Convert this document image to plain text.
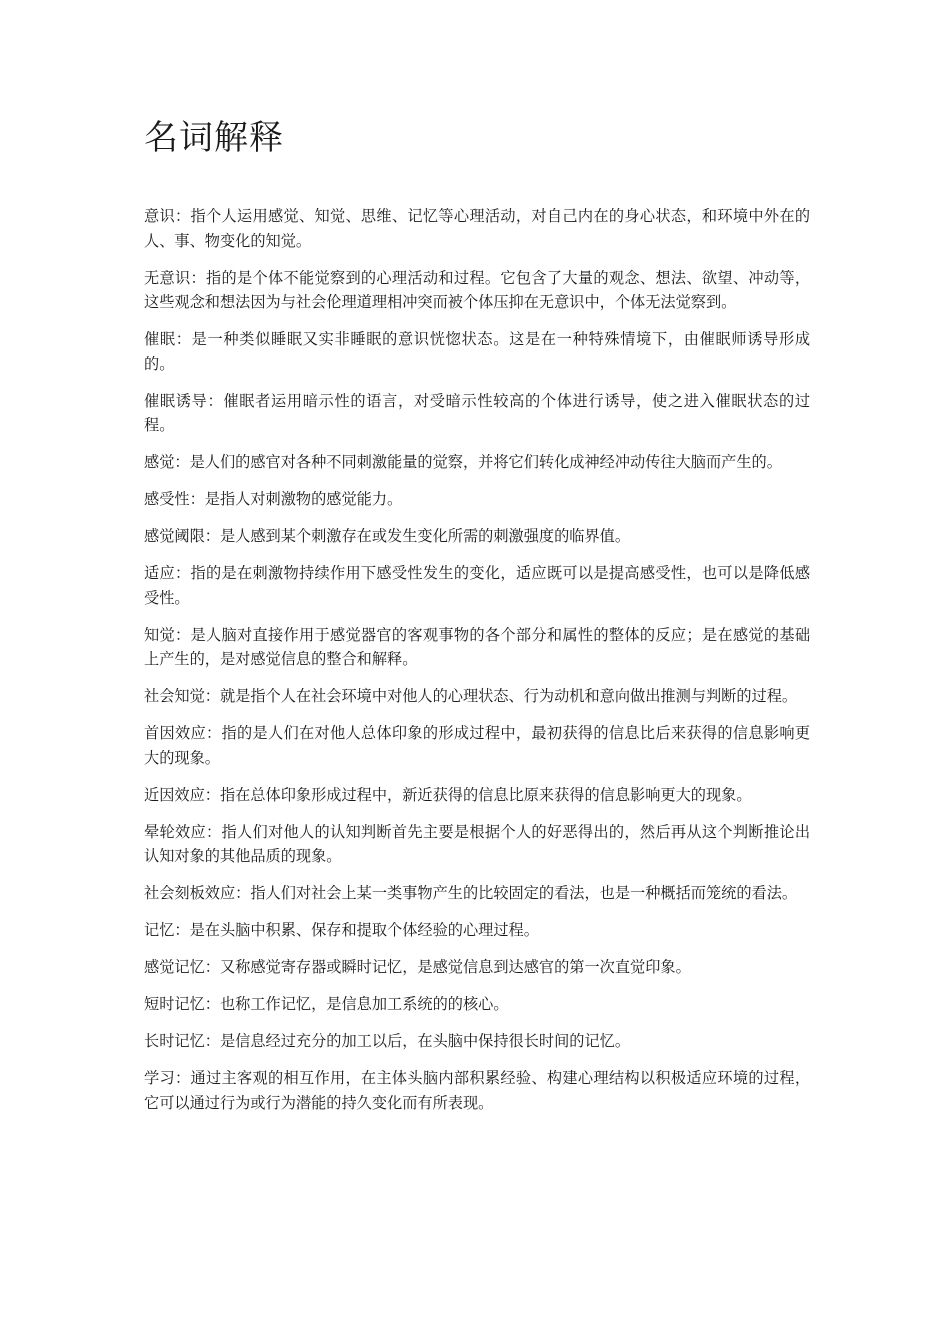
名词解释

意识：指个人运用感觉、知觉、思维、记忆等心理活动，对自己内在的身心状态，和环境中外在的人、事、物变化的知觉。

无意识：指的是个体不能觉察到的心理活动和过程。它包含了大量的观念、想法、欲望、冲动等，这些观念和想法因为与社会伦理道理相冲突而被个体压抑在无意识中，个体无法觉察到。

催眠：是一种类似睡眠又实非睡眠的意识恍惚状态。这是在一种特殊情境下，由催眠师诱导形成的。

催眠诱导：催眠者运用暗示性的语言，对受暗示性较高的个体进行诱导，使之进入催眠状态的过程。

感觉：是人们的感官对各种不同刺激能量的觉察，并将它们转化成神经冲动传往大脑而产生的。

感受性：是指人对刺激物的感觉能力。

感觉阈限：是人感到某个刺激存在或发生变化所需的刺激强度的临界值。

适应：指的是在刺激物持续作用下感受性发生的变化，适应既可以是提高感受性，也可以是降低感受性。

知觉：是人脑对直接作用于感觉器官的客观事物的各个部分和属性的整体的反应；是在感觉的基础上产生的，是对感觉信息的整合和解释。

社会知觉：就是指个人在社会环境中对他人的心理状态、行为动机和意向做出推测与判断的过程。

首因效应：指的是人们在对他人总体印象的形成过程中，最初获得的信息比后来获得的信息影响更大的现象。

近因效应：指在总体印象形成过程中，新近获得的信息比原来获得的信息影响更大的现象。

晕轮效应：指人们对他人的认知判断首先主要是根据个人的好恶得出的，然后再从这个判断推论出认知对象的其他品质的现象。

社会刻板效应：指人们对社会上某一类事物产生的比较固定的看法，也是一种概括而笼统的看法。

记忆：是在头脑中积累、保存和提取个体经验的心理过程。

感觉记忆：又称感觉寄存器或瞬时记忆，是感觉信息到达感官的第一次直觉印象。

短时记忆：也称工作记忆，是信息加工系统的的核心。

长时记忆：是信息经过充分的加工以后，在头脑中保持很长时间的记忆。

学习：通过主客观的相互作用，在主体头脑内部积累经验、构建心理结构以积极适应环境的过程，它可以通过行为或行为潜能的持久变化而有所表现。
